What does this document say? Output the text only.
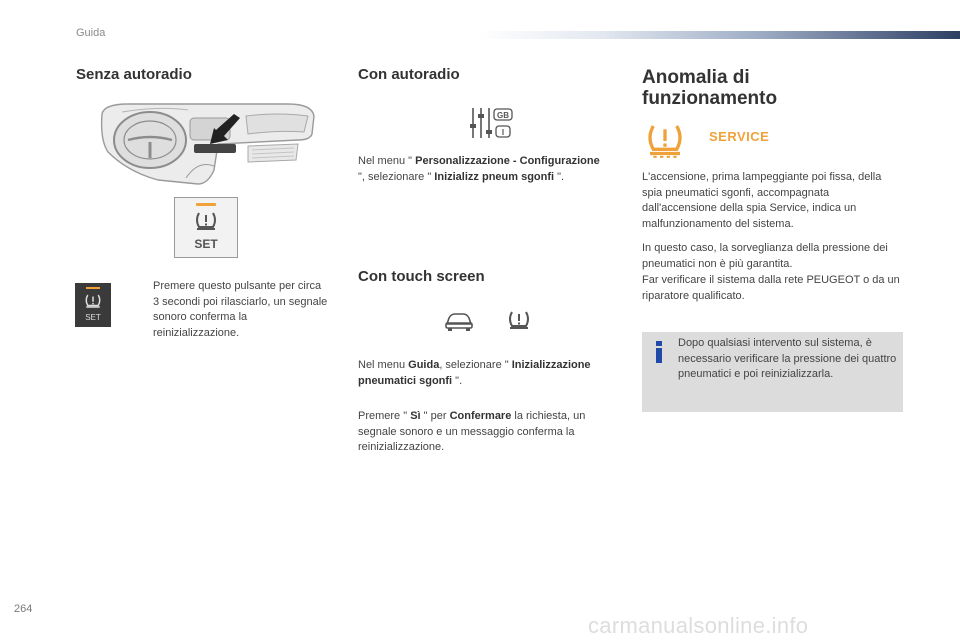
Guida
Senza autoradio
SET
SET

Premere questo pulsante per circa 3 secondi poi rilasciarlo, un segnale sonoro conferma la reinizializzazione.

Con autoradio
GB
I

Nel menu " Personalizzazione - Configurazione ", selezionare " Inizializz pneum sgonfi ".

Con touch screen

Nel menu Guida, selezionare " Inizializzazione pneumatici sgonfi ".

Premere " Sì " per Confermare la richiesta, un segnale sonoro e un messaggio conferma la reinizializzazione.

Anomalia di funzionamento
SERVICE

L'accensione, prima lampeggiante poi fissa, della spia pneumatici sgonfi, accompagnata dall'accensione della spia Service, indica un malfunzionamento del sistema.

In questo caso, la sorveglianza della pressione dei pneumatici non è più garantita.

Far verificare il sistema dalla rete PEUGEOT o da un riparatore qualificato.

Dopo qualsiasi intervento sul sistema, è necessario verificare la pressione dei quattro pneumatici e poi reinizializzarla.

264
carmanualsonline.info
